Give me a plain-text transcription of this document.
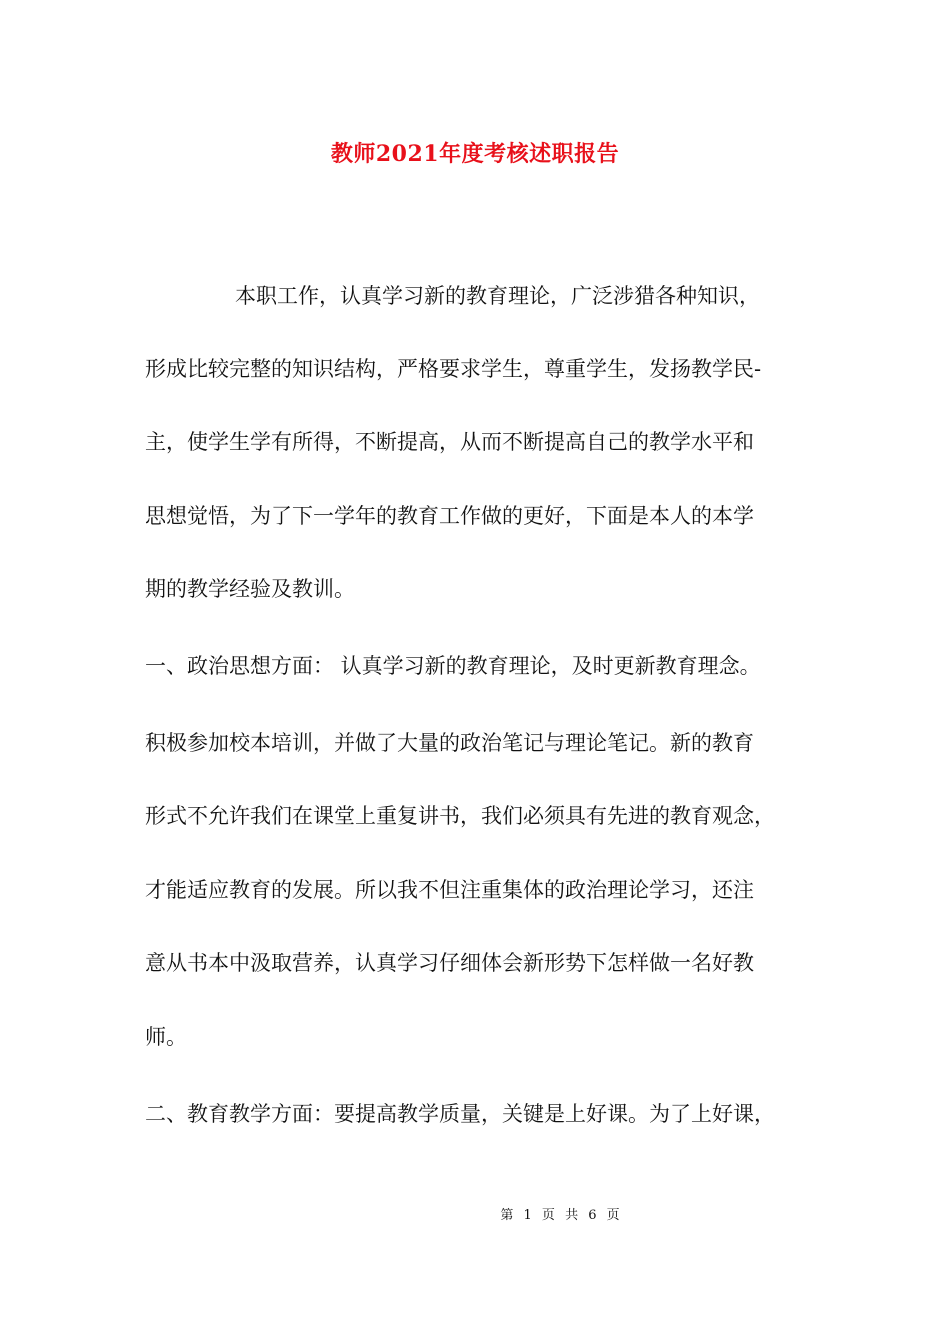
教师2021年度考核述职报告
本职工作，认真学习新的教育理论，广泛涉猎各种知识，
形成比较完整的知识结构，严格要求学生，尊重学生，发扬教学民-
主，使学生学有所得，不断提高，从而不断提高自己的教学水平和
思想觉悟，为了下一学年的教育工作做的更好，下面是本人的本学
期的教学经验及教训。
一、政治思想方面： 认真学习新的教育理论，及时更新教育理念。
积极参加校本培训，并做了大量的政治笔记与理论笔记。新的教育
形式不允许我们在课堂上重复讲书，我们必须具有先进的教育观念，
才能适应教育的发展。所以我不但注重集体的政治理论学习，还注
意从书本中汲取营养，认真学习仔细体会新形势下怎样做一名好教
师。
二、教育教学方面：要提高教学质量，关键是上好课。为了上好课，
第 1 页 共 6 页
